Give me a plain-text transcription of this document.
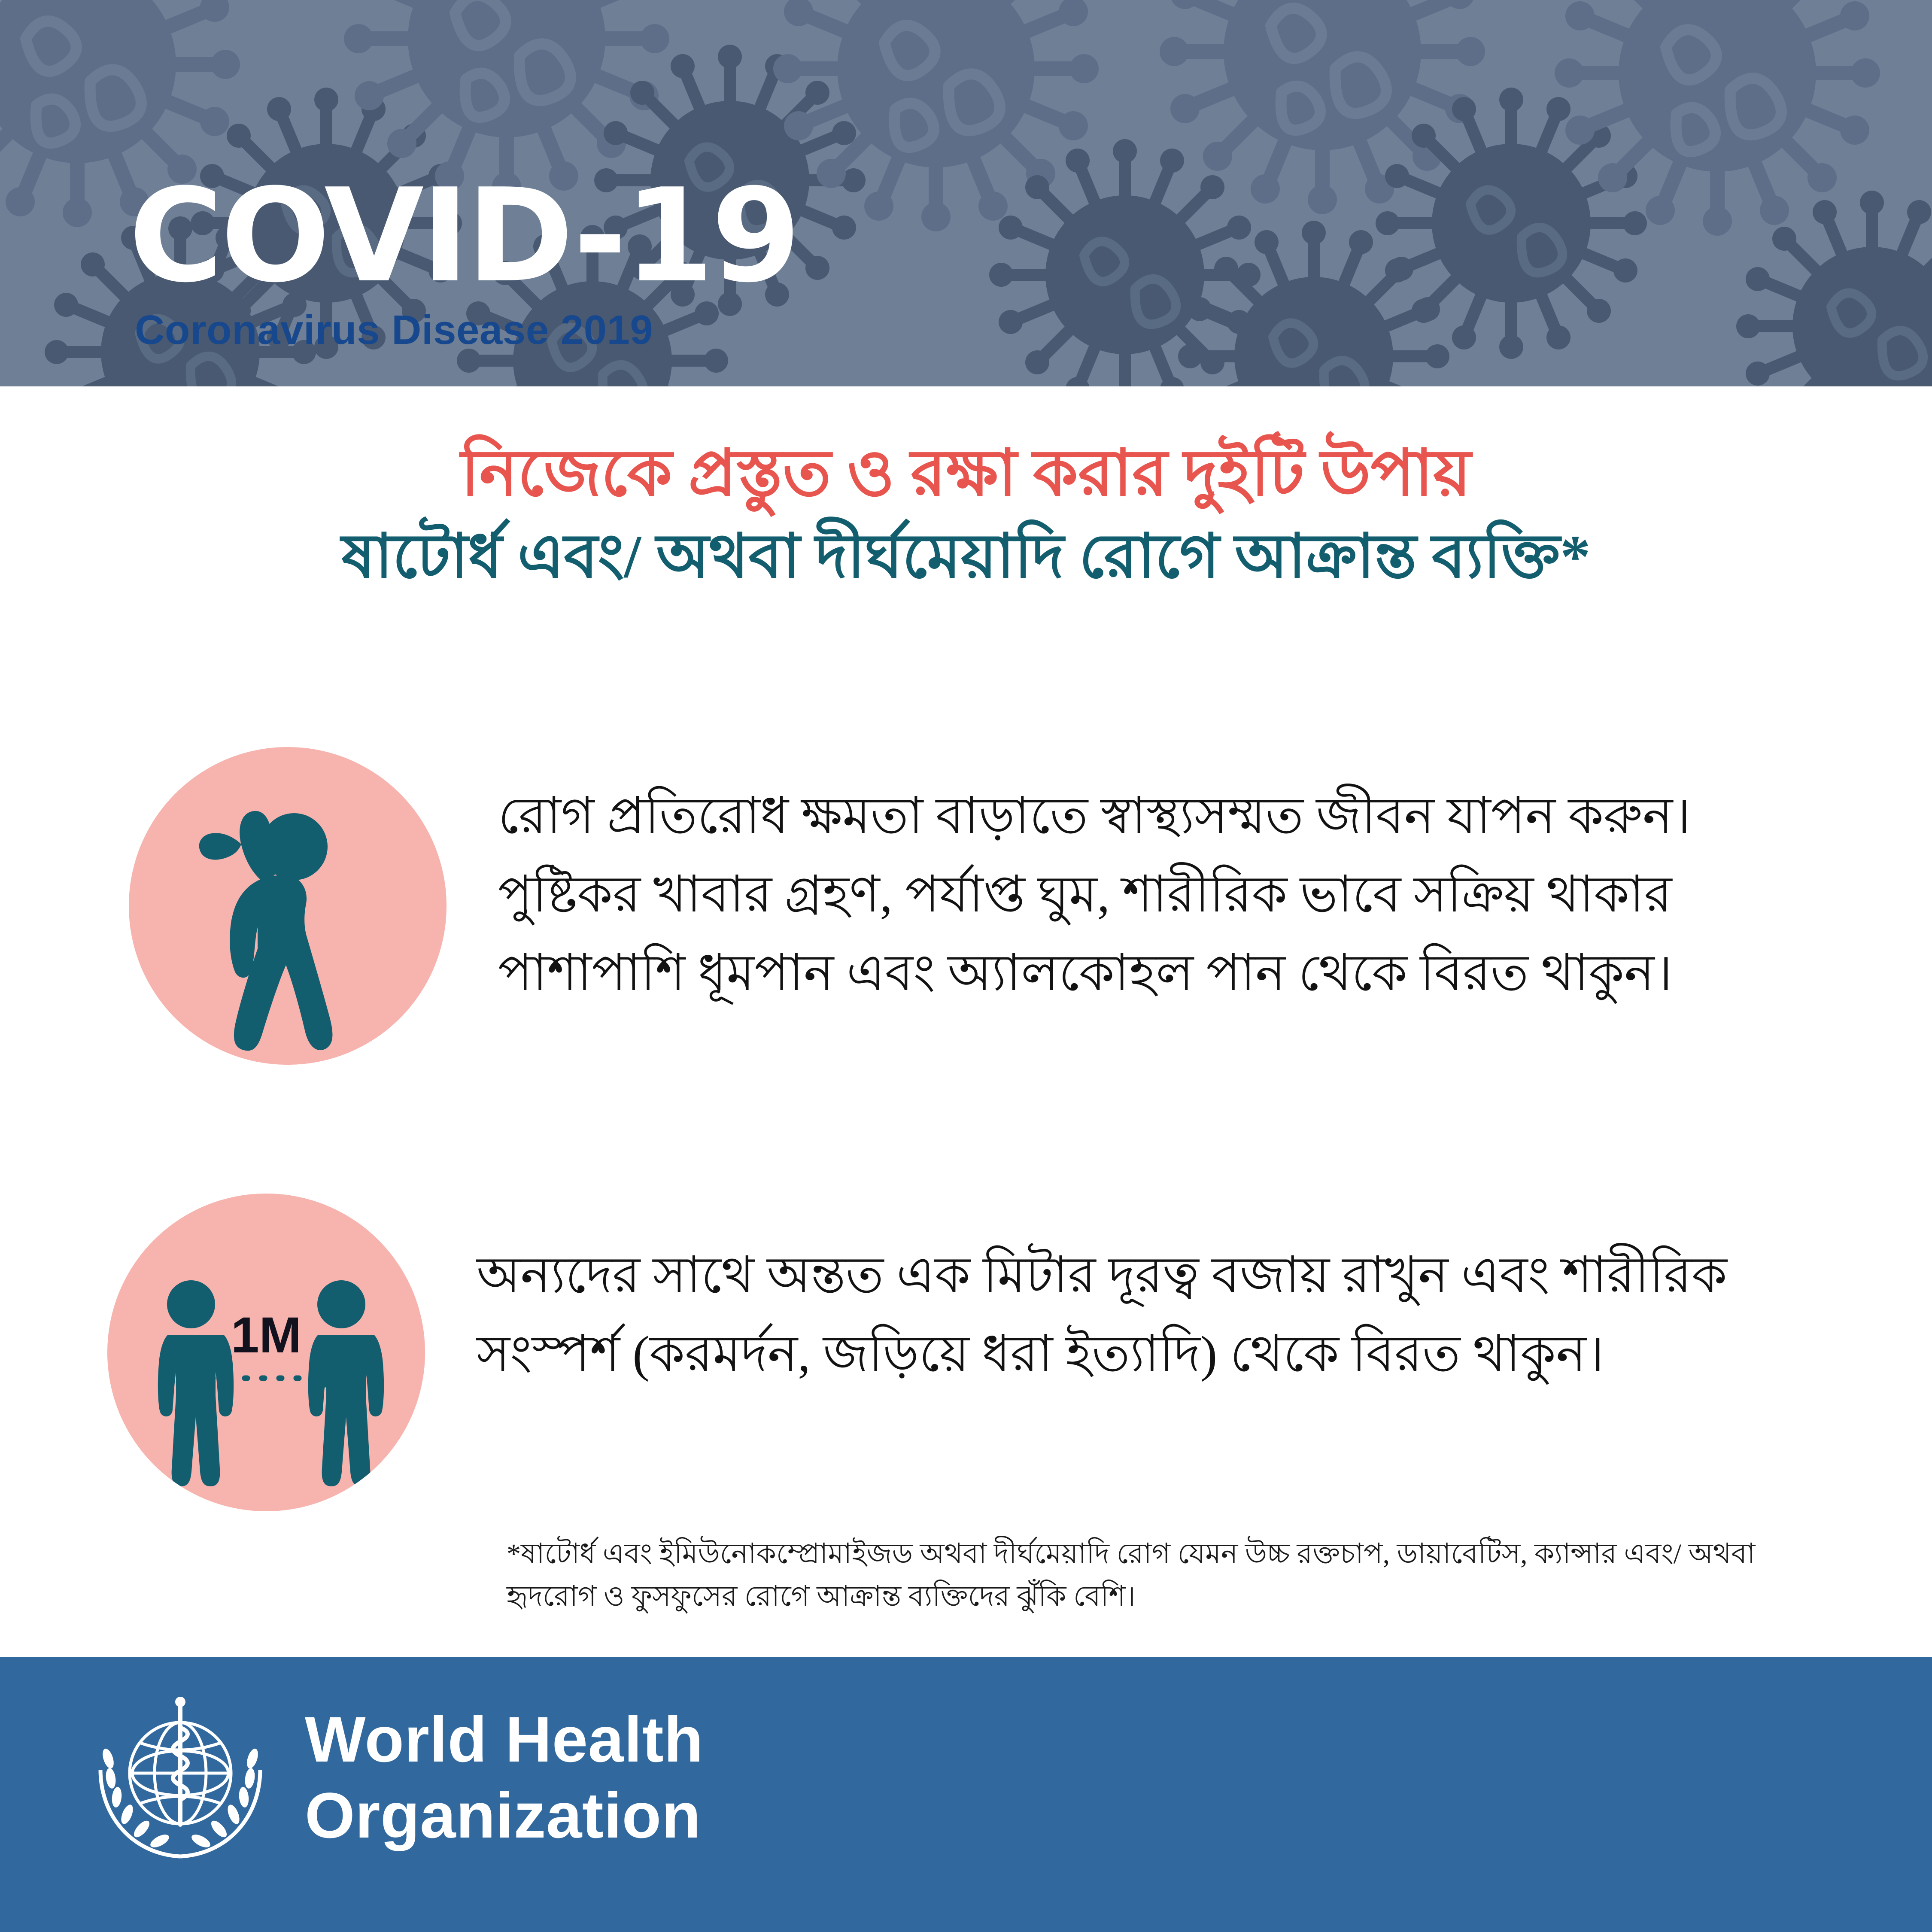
COVID-19
Coronavirus Disease 2019
নিজেকে প্রস্তুত ও রক্ষা করার দুইটি উপায়
ষাটোর্ধ এবং/ অথবা দীর্ঘমেয়াদি রোগে আক্রান্ত ব্যক্তি*
রোগ প্রতিরোধ ক্ষমতা বাড়াতে স্বাস্থ্যসম্মত জীবন যাপন করুন। পুষ্টিকর খাবার গ্রহণ, পর্যাপ্ত ঘুম, শারীরিক ভাবে সক্রিয় থাকার পাশাপাশি ধূমপান এবং অ্যালকোহল পান থেকে বিরত থাকুন।
1M
অন্যদের সাথে অন্তত এক মিটার দূরত্ব বজায় রাখুন এবং শারীরিক সংস্পর্শ (করমর্দন, জড়িয়ে ধরা ইত্যাদি) থেকে বিরত থাকুন।
*ষাটোর্ধ এবং ইমিউনোকম্প্রোমাইজড অথবা দীর্ঘমেয়াদি রোগ যেমন উচ্চ রক্তচাপ, ডায়াবেটিস, ক্যান্সার এবং/ অথবা হৃদরোগ ও ফুসফুসের রোগে আক্রান্ত ব্যক্তিদের ঝুঁকি বেশি।
World Health
Organization
